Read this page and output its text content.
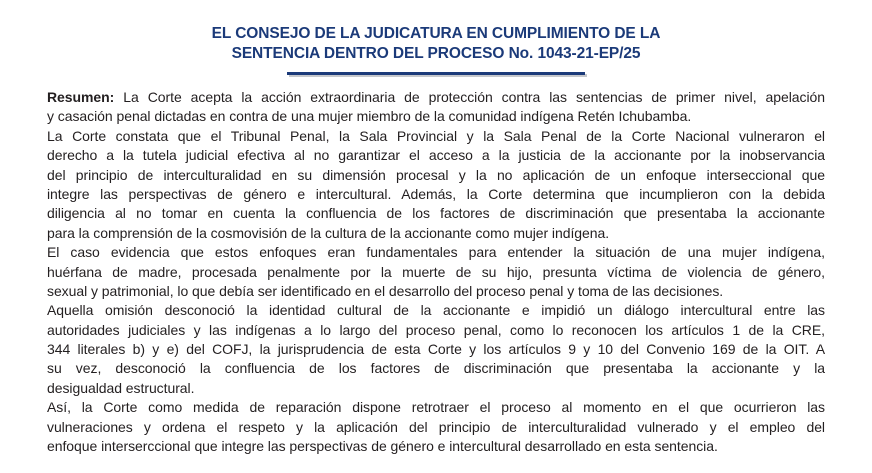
EL CONSEJO DE LA JUDICATURA EN CUMPLIMIENTO DE LA
SENTENCIA DENTRO DEL PROCESO No. 1043-21-EP/25
Resumen: La Corte acepta la acción extraordinaria de protección contra las sentencias de primer nivel, apelación
y casación penal dictadas en contra de una mujer miembro de la comunidad indígena Retén Ichubamba.
La Corte constata que el Tribunal Penal, la Sala Provincial y la Sala Penal de la Corte Nacional vulneraron el
derecho a la tutela judicial efectiva al no garantizar el acceso a la justicia de la accionante por la inobservancia
del principio de interculturalidad en su dimensión procesal y la no aplicación de un enfoque interseccional que
integre las perspectivas de género e intercultural. Además, la Corte determina que incumplieron con la debida
diligencia al no tomar en cuenta la confluencia de los factores de discriminación que presentaba la accionante
para la comprensión de la cosmovisión de la cultura de la accionante como mujer indígena.
El caso evidencia que estos enfoques eran fundamentales para entender la situación de una mujer indígena,
huérfana de madre, procesada penalmente por la muerte de su hijo, presunta víctima de violencia de género,
sexual y patrimonial, lo que debía ser identificado en el desarrollo del proceso penal y toma de las decisiones.
Aquella omisión desconoció la identidad cultural de la accionante e impidió un diálogo intercultural entre las
autoridades judiciales y las indígenas a lo largo del proceso penal, como lo reconocen los artículos 1 de la CRE,
344 literales b) y e) del COFJ, la jurisprudencia de esta Corte y los artículos 9 y 10 del Convenio 169 de la OIT. A
su vez, desconoció la confluencia de los factores de discriminación que presentaba la accionante y la
desigualdad estructural.
Así, la Corte como medida de reparación dispone retrotraer el proceso al momento en el que ocurrieron las
vulneraciones y ordena el respeto y la aplicación del principio de interculturalidad vulnerado y el empleo del
enfoque interserccional que integre las perspectivas de género e intercultural desarrollado en esta sentencia.
